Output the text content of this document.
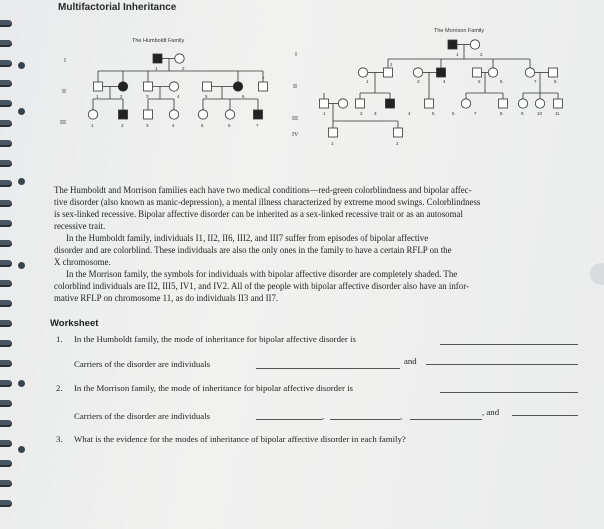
Multifactorial Inheritance
The Humboldt Family
I
II
III
1	2
1	2	3	4	5	6
7
1	2	3	4	5	6	7
The Morrison Family
I
II
III
IV
1	2
1
2
3	4	5	6	7	8
1	2	3	4	5	6	7	8	9	10	11
1	2
The Humboldt and Morrison families each have two medical conditions—red-green colorblindness and bipolar affec-
tive disorder (also known as manic-depression), a mental illness characterized by extreme mood swings. Colorblindness
is sex-linked recessive. Bipolar affective disorder can be inherited as a sex-linked recessive trait or as an autosomal
recessive trait.
In the Humboldt family, individuals I1, II2, II6, III2, and III7 suffer from episodes of bipolar affective
disorder and are colorblind. These individuals are also the only ones in the family to have a certain RFLP on the
X chromosome.
In the Morrison family, the symbols for individuals with bipolar affective disorder are completely shaded. The
colorblind individuals are II2, III5, IV1, and IV2. All of the people with bipolar affective disorder also have an infor-
mative RFLP on chromosome 11, as do individuals II3 and II7.
Worksheet
1. In the Humboldt family, the mode of inheritance for bipolar affective disorder is
Carriers of the disorder are individuals	and
2. In the Morrison family, the mode of inheritance for bipolar affective disorder is
Carriers of the disorder are individuals	,	,	, and
3. What is the evidence for the modes of inheritance of bipolar affective disorder in each family?
